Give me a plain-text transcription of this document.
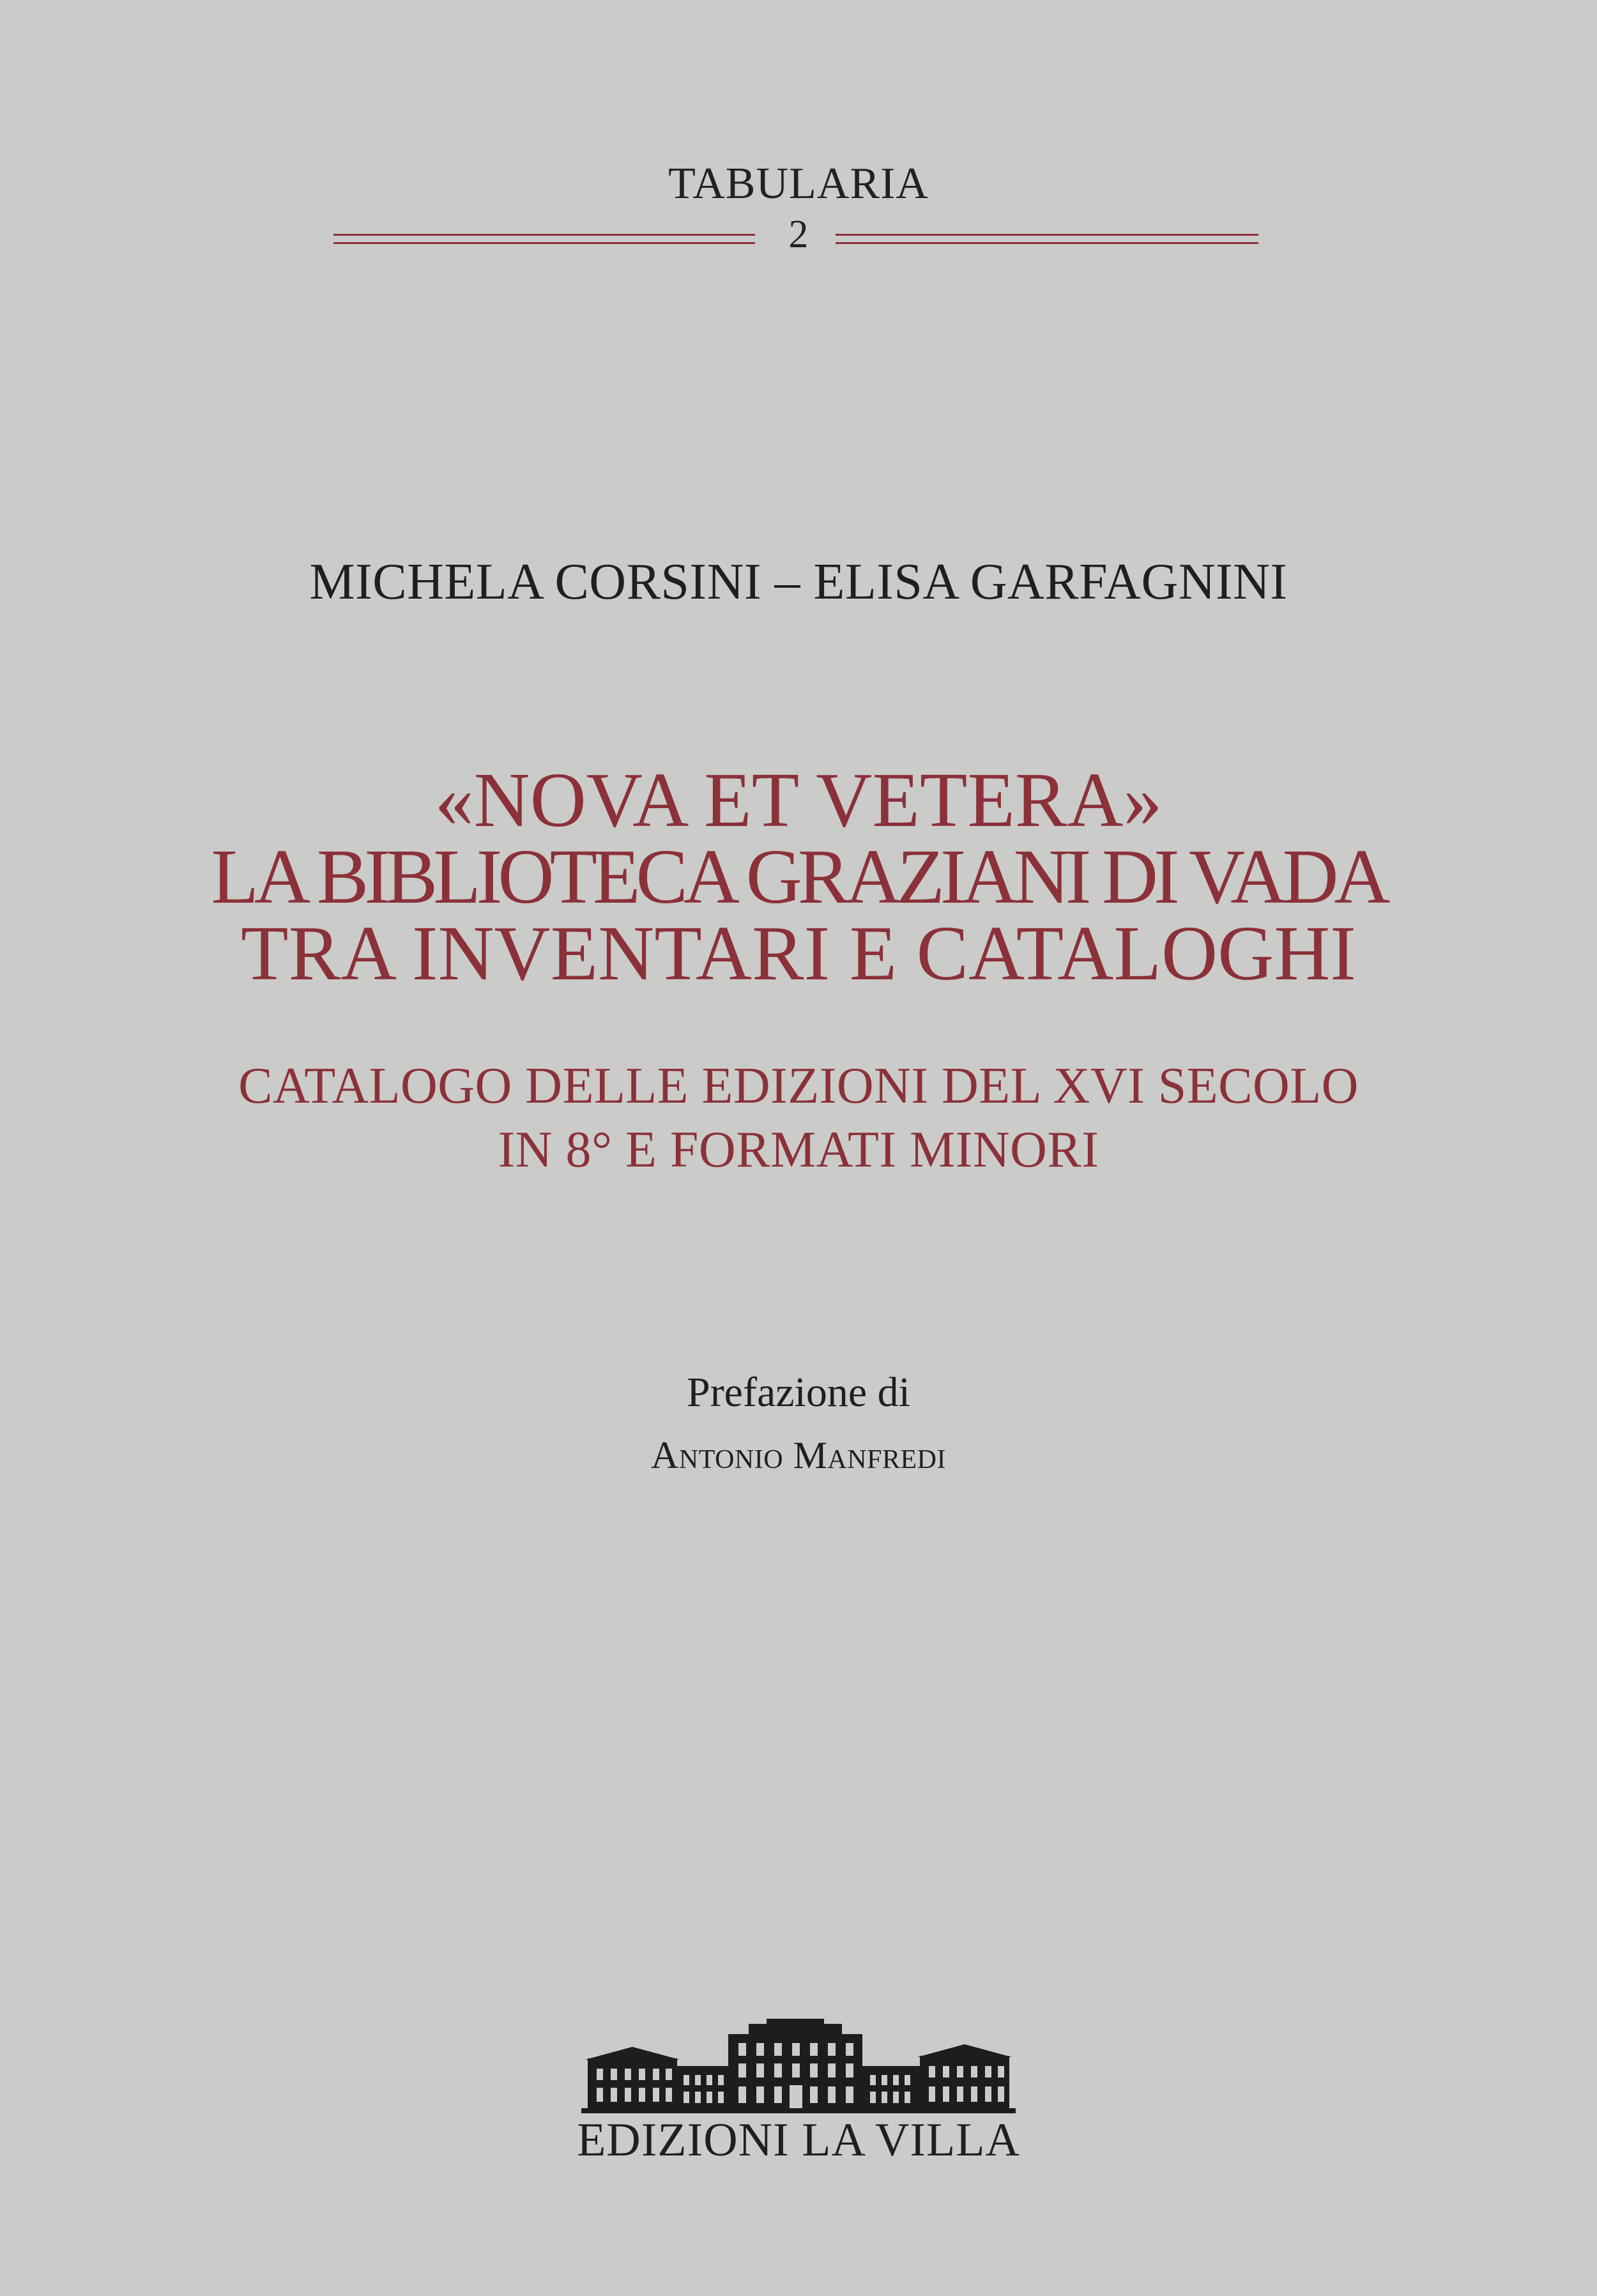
TABULARIA
2
MICHELA CORSINI – ELISA GARFAGNINI
«NOVA ET VETERA»
LA BIBLIOTECA GRAZIANI DI VADA
TRA INVENTARI E CATALOGHI
CATALOGO DELLE EDIZIONI DEL XVI SECOLO
IN 8° E FORMATI MINORI
Prefazione di
Antonio Manfredi
EDIZIONI LA VILLA
